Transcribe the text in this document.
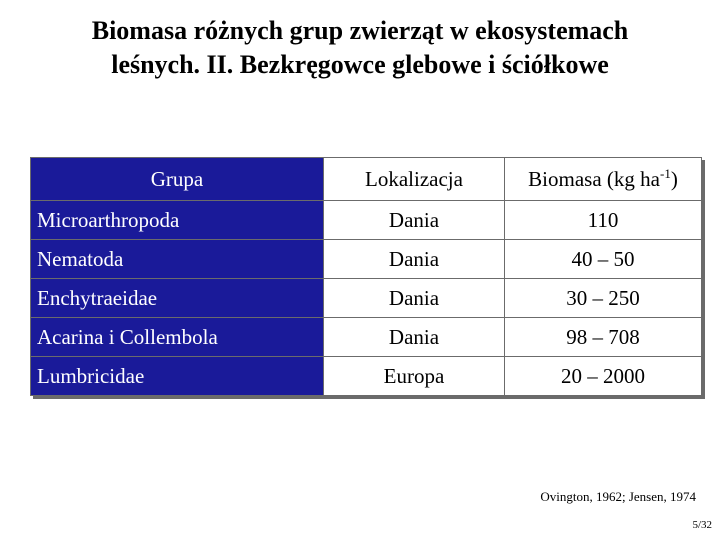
Biomasa różnych grup zwierząt w ekosystemach
leśnych. II. Bezkręgowce glebowe i ściółkowe
Grupa	Lokalizacja	Biomasa (kg $ha^{-1}$)
Microarthropoda	Dania	110
Nematoda	Dania	40 – 50
Enchytraeidae	Dania	30 – 250
Acarina i Collembola	Dania	98 – 708
Lumbricidae	Europa	20 – 2000
Ovington, 1962; Jensen, 1974
5/32
